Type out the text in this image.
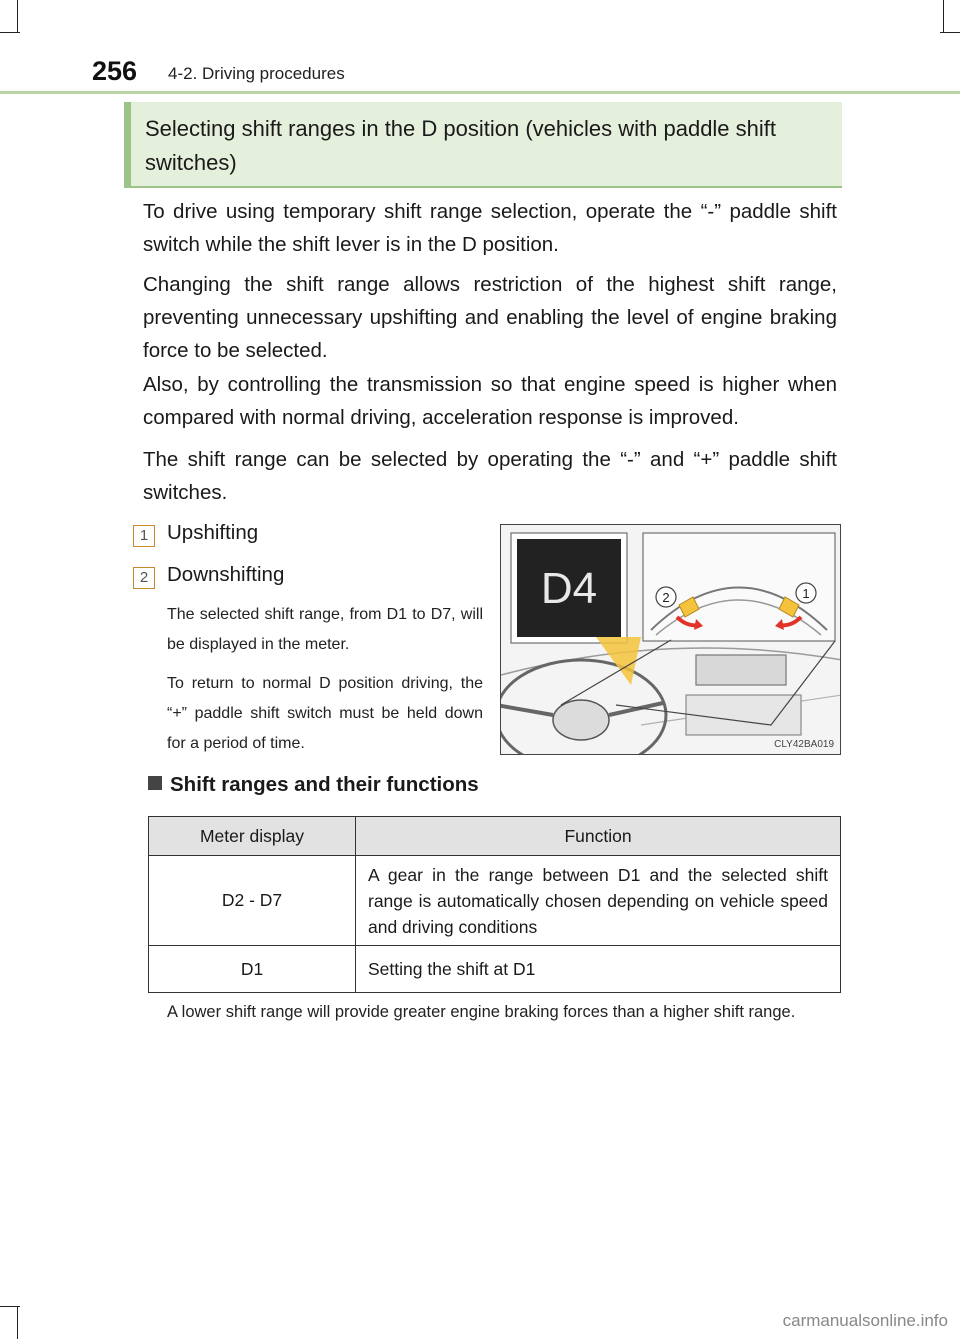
256 4-2. Driving procedures
Selecting shift ranges in the D position (vehicles with paddle shift switches)

To drive using temporary shift range selection, operate the “-” paddle shift switch while the shift lever is in the D position.

Changing the shift range allows restriction of the highest shift range, preventing unnecessary upshifting and enabling the level of engine braking force to be selected.

Also, by controlling the transmission so that engine speed is higher when compared with normal driving, acceleration response is improved.

The shift range can be selected by operating the “-” and “+” paddle shift switches.

1 Upshifting
2 Downshifting

The selected shift range, from D1 to D7, will be displayed in the meter.

To return to normal D position driving, the “+” paddle shift switch must be held down for a period of time.

D4	2	1
CLY42BA019
Shift ranges and their functions
Meter display	Function
D2 - D7	A gear in the range between D1 and the selected shift range is automatically chosen depending on vehicle speed and driving conditions
D1	Setting the shift at D1

A lower shift range will provide greater engine braking forces than a higher shift range.

carmanualsonline.info
